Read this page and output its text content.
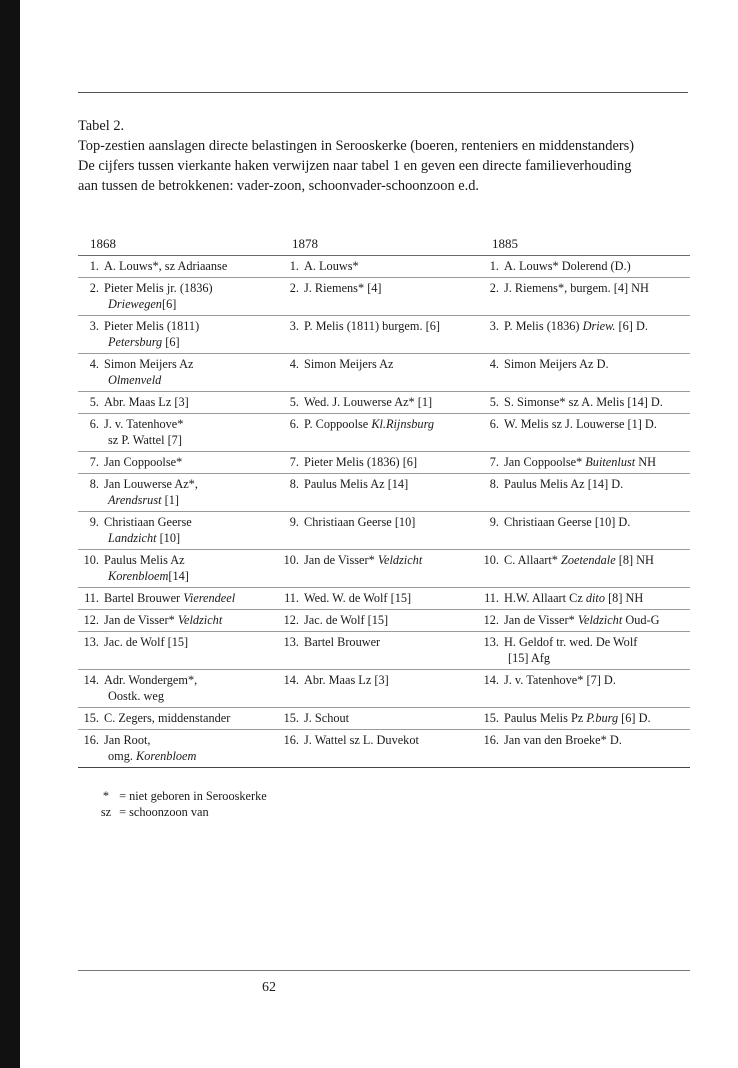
Tabel 2.
Top-zestien aanslagen directe belastingen in Serooskerke (boeren, renteniers en middenstanders)
De cijfers tussen vierkante haken verwijzen naar tabel 1 en geven een directe familieverhouding
aan tussen de betrokkenen: vader-zoon, schoonvader-schoonzoon e.d.
1868	1878	1885
1. A. Louws*, sz Adriaanse	1. A. Louws*	1. A. Louws* Dolerend (D.)
2. Pieter Melis jr. (1836)
Driewegen[6]	2. J. Riemens* [4]	2. J. Riemens*, burgem. [4] NH
3. Pieter Melis (1811)
Petersburg [6]	3. P. Melis (1811) burgem. [6]	3. P. Melis (1836) Driew. [6] D.
4. Simon Meijers Az
Olmenveld	4. Simon Meijers Az	4. Simon Meijers Az D.
5. Abr. Maas Lz [3]	5. Wed. J. Louwerse Az* [1]	5. S. Simonse* sz A. Melis [14] D.
6. J. v. Tatenhove*
sz P. Wattel [7]	6. P. Coppoolse Kl.Rijnsburg	6. W. Melis sz J. Louwerse [1] D.
7. Jan Coppoolse*	7. Pieter Melis (1836) [6]	7. Jan Coppoolse* Buitenlust NH
8. Jan Louwerse Az*,
Arendsrust [1]	8. Paulus Melis Az [14]	8. Paulus Melis Az [14] D.
9. Christiaan Geerse
Landzicht [10]	9. Christiaan Geerse [10]	9. Christiaan Geerse [10] D.
10. Paulus Melis Az
Korenbloem[14]	10. Jan de Visser* Veldzicht	10. C. Allaart* Zoetendale [8] NH
11. Bartel Brouwer Vierendeel	11. Wed. W. de Wolf [15]	11. H.W. Allaart Cz dito [8] NH
12. Jan de Visser* Veldzicht	12. Jac. de Wolf [15]	12. Jan de Visser* Veldzicht Oud-G
13. Jac. de Wolf [15]	13. Bartel Brouwer	13. H. Geldof tr. wed. De Wolf
[15] Afg

14. Adr. Wondergem*,
Oostk. weg	14. Abr. Maas Lz [3]	14. J. v. Tatenhove* [7] D.
15. C. Zegers, middenstander	15. J. Schout	15. Paulus Melis Pz P.burg [6] D.
16. Jan Root,
omg. Korenbloem	16. J. Wattel sz L. Duvekot	16. Jan van den Broeke* D.
* = niet geboren in Serooskerke
sz = schoonzoon van
62
